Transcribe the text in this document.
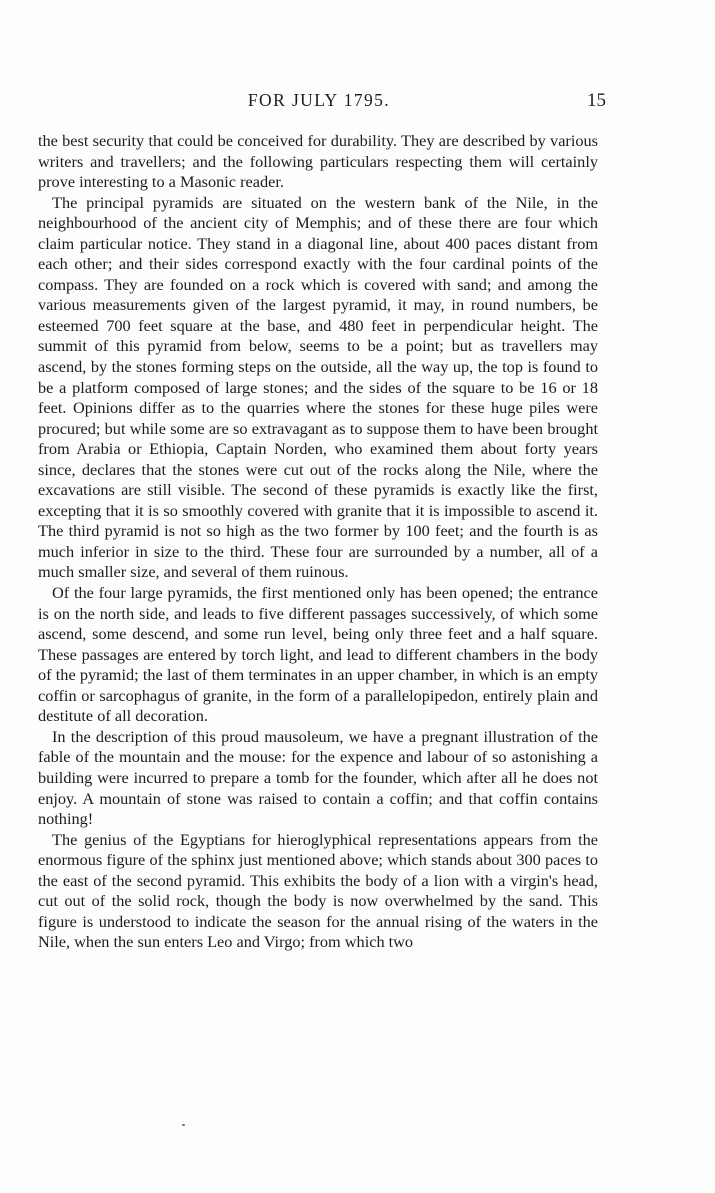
FOR JULY 1795.	15

the best security that could be conceived for durability. They are described by various writers and travellers; and the following particulars respecting them will certainly prove interesting to a Masonic reader.

The principal pyramids are situated on the western bank of the Nile, in the neighbourhood of the ancient city of Memphis; and of these there are four which claim particular notice. They stand in a diagonal line, about 400 paces distant from each other; and their sides correspond exactly with the four cardinal points of the compass. They are founded on a rock which is covered with sand; and among the various measurements given of the largest pyramid, it may, in round numbers, be esteemed 700 feet square at the base, and 480 feet in perpendicular height. The summit of this pyramid from below, seems to be a point; but as travellers may ascend, by the stones forming steps on the outside, all the way up, the top is found to be a platform composed of large stones; and the sides of the square to be 16 or 18 feet. Opinions differ as to the quarries where the stones for these huge piles were procured; but while some are so extravagant as to suppose them to have been brought from Arabia or Ethiopia, Captain Norden, who examined them about forty years since, declares that the stones were cut out of the rocks along the Nile, where the excavations are still visible. The second of these pyramids is exactly like the first, excepting that it is so smoothly covered with granite that it is impossible to ascend it. The third pyramid is not so high as the two former by 100 feet; and the fourth is as much inferior in size to the third. These four are surrounded by a number, all of a much smaller size, and several of them ruinous.

Of the four large pyramids, the first mentioned only has been opened; the entrance is on the north side, and leads to five different passages successively, of which some ascend, some descend, and some run level, being only three feet and a half square. These passages are entered by torch light, and lead to different chambers in the body of the pyramid; the last of them terminates in an upper chamber, in which is an empty coffin or sarcophagus of granite, in the form of a parallelopipedon, entirely plain and destitute of all decoration.

In the description of this proud mausoleum, we have a pregnant illustration of the fable of the mountain and the mouse: for the expence and labour of so astonishing a building were incurred to prepare a tomb for the founder, which after all he does not enjoy. A mountain of stone was raised to contain a coffin; and that coffin contains nothing!

The genius of the Egyptians for hieroglyphical representations appears from the enormous figure of the sphinx just mentioned above; which stands about 300 paces to the east of the second pyramid. This exhibits the body of a lion with a virgin's head, cut out of the solid rock, though the body is now overwhelmed by the sand. This figure is understood to indicate the season for the annual rising of the waters in the Nile, when the sun enters Leo and Virgo; from which two
